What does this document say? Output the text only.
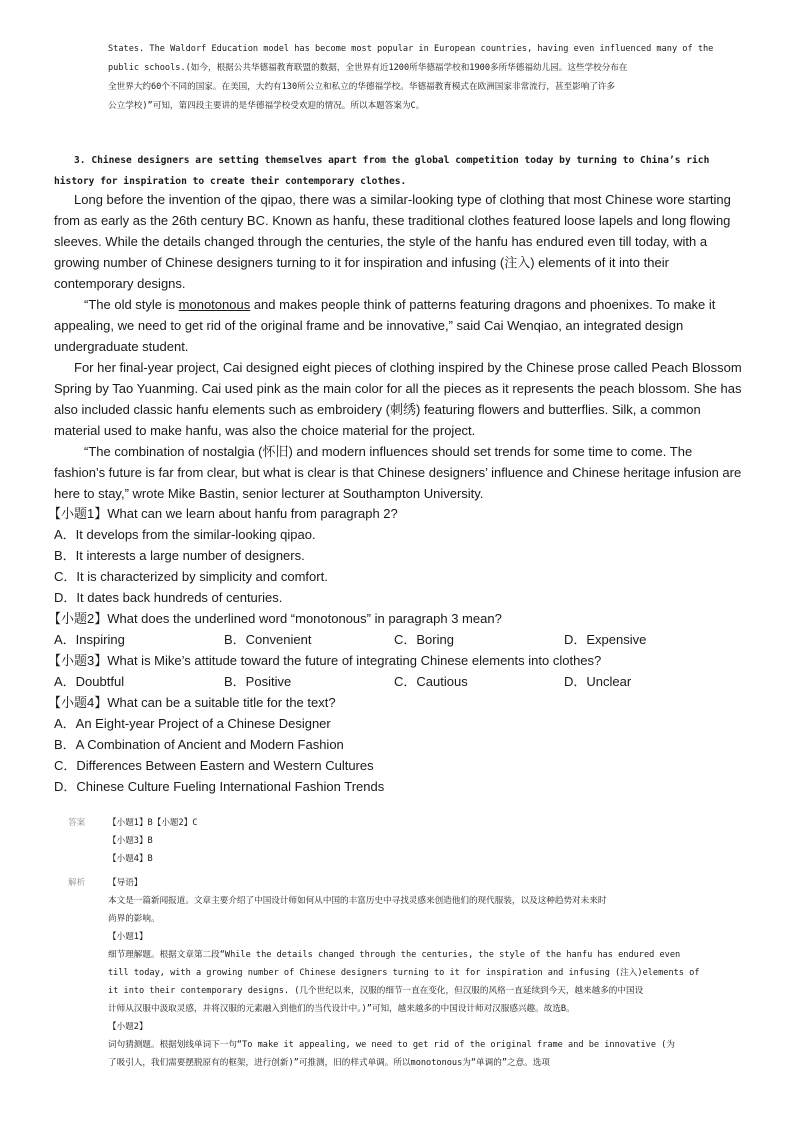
States. The Waldorf Education model has become most popular in European countries, having even influenced many of the
public schools.(如今，根据公共华德福教育联盟的数据，全世界有近1200所华德福学校和1900多所华德福幼儿园。这些学校分布在
全世界大约60个不同的国家。在美国，大约有130所公立和私立的华德福学校。华德福教育模式在欧洲国家非常流行，甚至影响了许多
公立学校)”可知，第四段主要讲的是华德福学校受欢迎的情况。所以本题答案为C。

3. Chinese designers are setting themselves apart from the global competition today by turning to China’s rich

history for inspiration to create their contemporary clothes.

Long before the invention of the qipao, there was a similar-looking type of clothing that most Chinese wore starting from as early as the 26th century BC. Known as hanfu, these traditional clothes featured loose lapels and long flowing sleeves. While the details changed through the centuries, the style of the hanfu has endured even till today, with a growing number of Chinese designers turning to it for inspiration and infusing (注入) elements of it into their contemporary designs.

“The old style is monotonous and makes people think of patterns featuring dragons and phoenixes. To make it appealing, we need to get rid of the original frame and be innovative,” said Cai Wenqiao, an integrated design undergraduate student.

For her final-year project, Cai designed eight pieces of clothing inspired by the Chinese prose called Peach Blossom Spring by Tao Yuanming. Cai used pink as the main color for all the pieces as it represents the peach blossom. She has also included classic hanfu elements such as embroidery (刺绣) featuring flowers and butterflies. Silk, a common material used to make hanfu, was also the choice material for the project.

“The combination of nostalgia (怀旧) and modern influences should set trends for some time to come. The fashion’s future is far from clear, but what is clear is that Chinese designers’ influence and Chinese heritage infusion are here to stay,” wrote Mike Bastin, senior lecturer at Southampton University.

【小题1】What can we learn about hanfu from paragraph 2?
A．It develops from the similar-looking qipao.
B．It interests a large number of designers.
C．It is characterized by simplicity and comfort.
D．It dates back hundreds of centuries.
【小题2】What does the underlined word “monotonous” in paragraph 3 mean?
A．Inspiring	B．Convenient	C．Boring	D．Expensive
【小题3】What is Mike’s attitude toward the future of integrating Chinese elements into clothes?
A．Doubtful	B．Positive	C．Cautious	D．Unclear
【小题4】What can be a suitable title for the text?
A．An Eight-year Project of a Chinese Designer
B．A Combination of Ancient and Modern Fashion
C．Differences Between Eastern and Western Cultures
D．Chinese Culture Fueling International Fashion Trends
答案	【小题1】B【小题2】C
【小题3】B
【小题4】B
解析	【导语】

本文是一篇新闻报道。文章主要介绍了中国设计师如何从中国的丰富历史中寻找灵感来创造他们的现代服装，以及这种趋势对未来时

尚界的影响。

【小题1】

细节理解题。根据文章第二段“While the details changed through the centuries, the style of the hanfu has endured even

till today, with a growing number of Chinese designers turning to it for inspiration and infusing (注入)elements of

it into their contemporary designs. (几个世纪以来，汉服的细节一直在变化，但汉服的风格一直延续到今天，越来越多的中国设

计师从汉服中汲取灵感，并将汉服的元素融入到他们的当代设计中。)”可知，越来越多的中国设计师对汉服感兴趣。故选B。

【小题2】

词句猜测题。根据划线单词下一句“To make it appealing, we need to get rid of the original frame and be innovative (为

了吸引人，我们需要摆脱原有的框架，进行创新)”可推测，旧的样式单调。所以monotonous为“单调的”之意。选项
